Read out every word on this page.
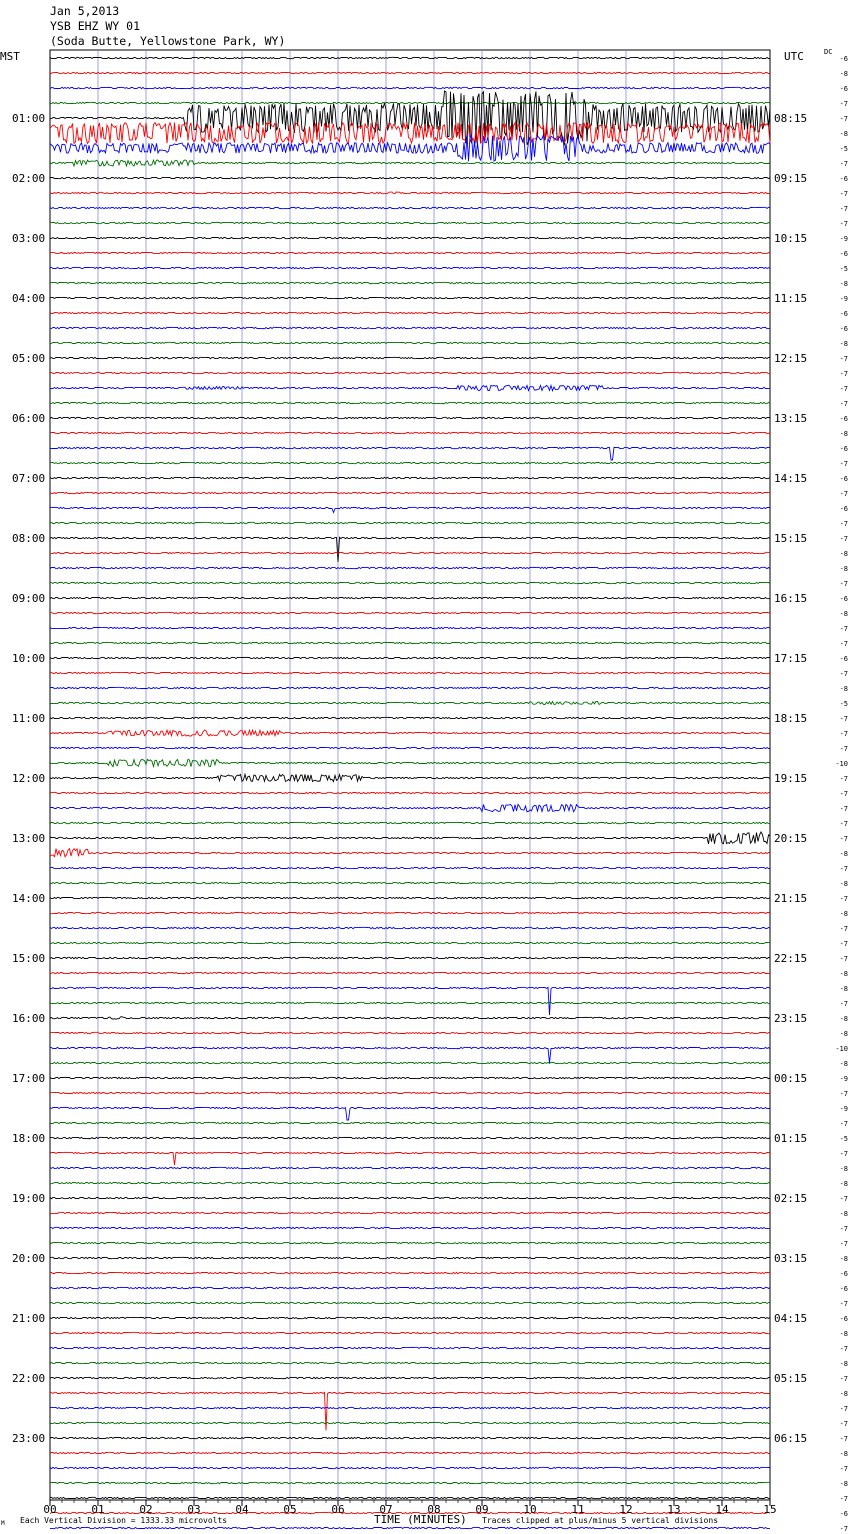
Jan 5,2013
YSB EHZ WY 01
(Soda Butte, Yellowstone Park, WY)
MST	UTC	DC
01:00
02:00
03:00
04:00
05:00
06:00
07:00
08:00
09:00
10:00
11:00
12:00
13:00
14:00
15:00
16:00
17:00
18:00
19:00
20:00
21:00
22:00
23:00
08:15
09:15
10:15
11:15
12:15
13:15
14:15
15:15
16:15
17:15
18:15
19:15
20:15
21:15
22:15
23:15
00:15
01:15
02:15
03:15
04:15
05:15
06:15
-6
-8
-6
-7
-7
-8
-5
-7
-6
-7
-7
-7
-9
-6
-5
-8
-9
-6
-6
-8
-7
-7
-7
-7
-6
-8
-6
-7
-6
-7
-6
-7
-7
-8
-8
-7
-6
-8
-7
-7
-6
-7
-8
-5
-7
-7
-7
-10
-7
-7
-7
-7
-7
-8
-7
-8
-7
-8
-7
-7
-7
-8
-8
-7
-8
-8
-10
-8
-9
-7
-9
-7
-5
-7
-8
-8
-7
-8
-7
-7
-8
-6
-6
-7
-6
-8
-7
-8
-7
-8
-7
-7
-7
-8
-7
-8
-7
-6
-7
00	01	02	03	04	05	06	07	08	09	10	11	12	13	14	15
Each Vertical Division = 1333.33 microvolts	TIME (MINUTES) Traces clipped at plus/minus 5 vertical divisions
M
